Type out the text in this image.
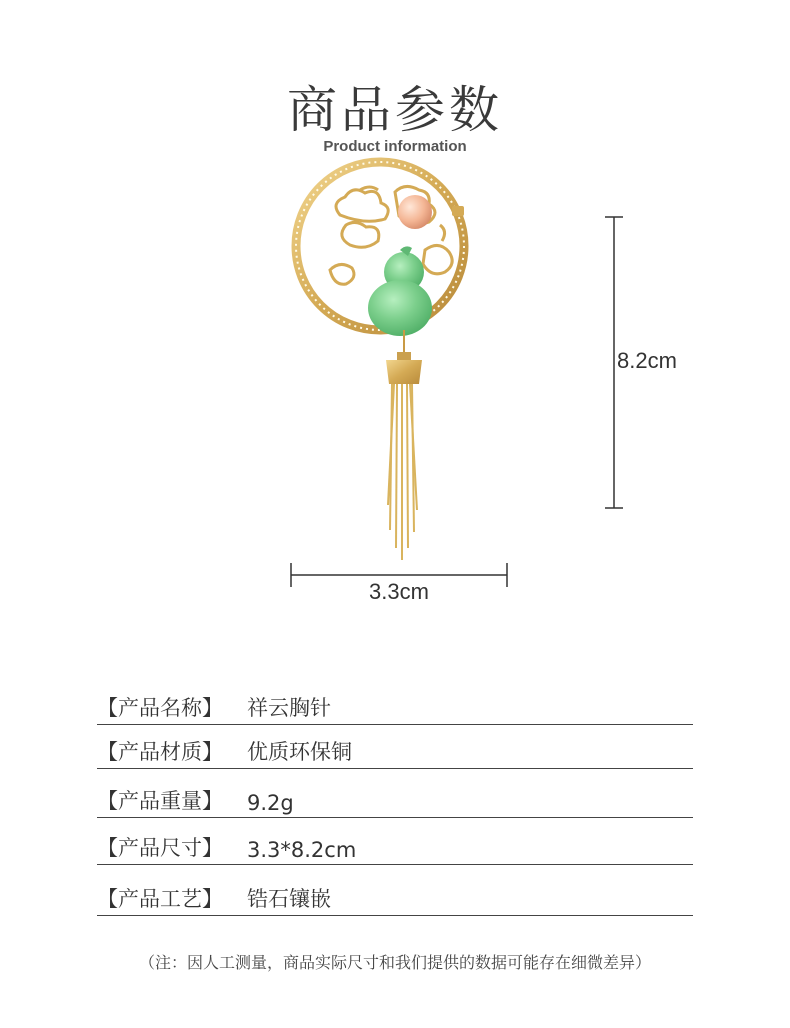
商品参数
Product information
3.3cm
8.2cm
【产品名称】 祥云胸针
【产品材质】 优质环保铜
【产品重量】 9.2g
【产品尺寸】 3.3*8.2cm
【产品工艺】 锆石镶嵌
（注：因人工测量，商品实际尺寸和我们提供的数据可能存在细微差异）
